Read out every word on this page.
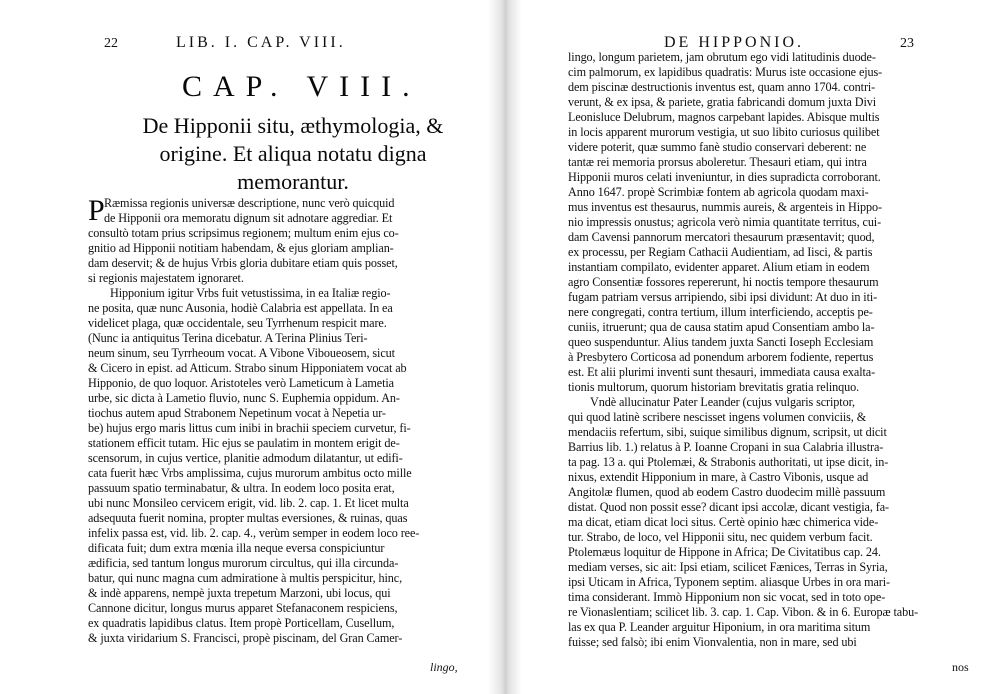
22	LIB. I. CAP. VIII.
CAP. VIII.
De Hipponii situ, æthymologia, &
origine. Et aliqua notatu digna
memorantur.
P Ræmissa regionis universæ descriptione, nunc verò quicquid
de Hipponii ora memoratu dignum sit adnotare aggrediar. Et
consultò totam prius scripsimus regionem; multum enim ejus co-
gnitio ad Hipponii notitiam habendam, & ejus gloriam amplian-
dam deservit; & de hujus Vrbis gloria dubitare etiam quis posset,
si regionis majestatem ignoraret.
Hipponium igitur Vrbs fuit vetustissima, in ea Italiæ regio-
ne posita, quæ nunc Ausonia, hodiè Calabria est appellata. In ea
videlicet plaga, quæ occidentale, seu Tyrrhenum respicit mare.
(Nunc ia antiquitus Terina dicebatur. A Terina Plinius Teri-
neum sinum, seu Tyrrheoum vocat. A Vibone Viboueosem, sicut
& Cicero in epist. ad Atticum. Strabo sinum Hipponiatem vocat ab
Hipponio, de quo loquor. Aristoteles verò Lameticum à Lametia
urbe, sic dicta à Lametio fluvio, nunc S. Euphemia oppidum. An-
tiochus autem apud Strabonem Nepetinum vocat à Nepetia ur-
be) hujus ergo maris littus cum inibi in brachii speciem curvetur, fi-
stationem efficit tutam. Hic ejus se paulatim in montem erigit de-
scensorum, in cujus vertice, planitie admodum dilatantur, ut edifi-
cata fuerit hæc Vrbs amplissima, cujus murorum ambitus octo mille
passuum spatio terminabatur, & ultra. In eodem loco posita erat,
ubi nunc Monsileo cervicem erigit, vid. lib. 2. cap. 1. Et licet multa
adsequuta fuerit nomina, propter multas eversiones, & ruinas, quas
infelix passa est, vid. lib. 2. cap. 4., verùm semper in eodem loco ree-
dificata fuit; dum extra mœnia illa neque eversa conspiciuntur
ædificia, sed tantum longus murorum circultus, qui illa circunda-
batur, qui nunc magna cum admiratione à multis perspicitur, hinc,
& indè apparens, nempè juxta trepetum Marzoni, ubi locus, qui
Cannone dicitur, longus murus apparet Stefanaconem respiciens,
ex quadratis lapidibus clatus. Item propè Porticellam, Cusellum,
& juxta viridarium S. Francisci, propè piscinam, del Gran Camer-
lingo,
DE HIPPONIO.	23
lingo, longum parietem, jam obrutum ego vidi latitudinis duode-
cim palmorum, ex lapidibus quadratis: Murus iste occasione ejus-
dem piscinæ destructionis inventus est, quam anno 1704. contri-
verunt, & ex ipsa, & pariete, gratia fabricandi domum juxta Divi
Leonisluce Delubrum, magnos carpebant lapides. Abisque multis
in locis apparent murorum vestigia, ut suo libito curiosus quilibet
videre poterit, quæ summo fanè studio conservari deberent: ne
tantæ rei memoria prorsus aboleretur. Thesauri etiam, qui intra
Hipponii muros celati inveniuntur, in dies supradicta corroborant.
Anno 1647. propè Scrimbiæ fontem ab agricola quodam maxi-
mus inventus est thesaurus, nummis aureis, & argenteis in Hippo-
nio impressis onustus; agricola verò nimia quantitate territus, cui-
dam Cavensi pannorum mercatori thesaurum præsentavit; quod,
ex processu, per Regiam Cathacii Audientiam, ad Iisci, & partis
instantiam compilato, evidenter apparet. Alium etiam in eodem
agro Consentiæ fossores repererunt, hi noctis tempore thesaurum
fugam patriam versus arripiendo, sibi ipsi dividunt: At duo in iti-
nere congregati, contra tertium, illum interficiendo, acceptis pe-
cuniis, itruerunt; qua de causa statim apud Consentiam ambo la-
queo suspenduntur. Alius tandem juxta Sancti Ioseph Ecclesiam
à Presbytero Corticosa ad ponendum arborem fodiente, repertus
est. Et alii plurimi inventi sunt thesauri, immediata causa exalta-
tionis multorum, quorum historiam brevitatis gratia relinquo.
Vndè allucinatur Pater Leander (cujus vulgaris scriptor,
qui quod latinè scribere nescisset ingens volumen conviciis, &
mendaciis refertum, sibi, suique similibus dignum, scripsit, ut dicit
Barrius lib. 1.) relatus à P. Ioanne Cropani in sua Calabria illustra-
ta pag. 13 a. qui Ptolemæi, & Strabonis authoritati, ut ipse dicit, in-
nixus, extendit Hipponium in mare, à Castro Vibonis, usque ad
Angitolæ flumen, quod ab eodem Castro duodecim millè passuum
distat. Quod non possit esse? dicant ipsi accolæ, dicant vestigia, fa-
ma dicat, etiam dicat loci situs. Certè opinio hæc chimerica vide-
tur. Strabo, de loco, vel Hipponii situ, nec quidem verbum facit.
Ptolemæus loquitur de Hippone in Africa; De Civitatibus cap. 24.
mediam verses, sic ait: Ipsi etiam, scilicet Fænices, Terras in Syria,
ipsi Uticam in Africa, Typonem septim. aliasque Urbes in ora mari-
tima considerant. Immò Hipponium non sic vocat, sed in toto ope-
re Vionaslentiam; scilicet lib. 3. cap. 1. Cap. Vibon. & in 6. Europæ tabu-
las ex qua P. Leander arguitur Hiponium, in ora maritima situm
fuisse; sed falsò; ibi enim Vionvalentia, non in mare, sed ubi
nos
